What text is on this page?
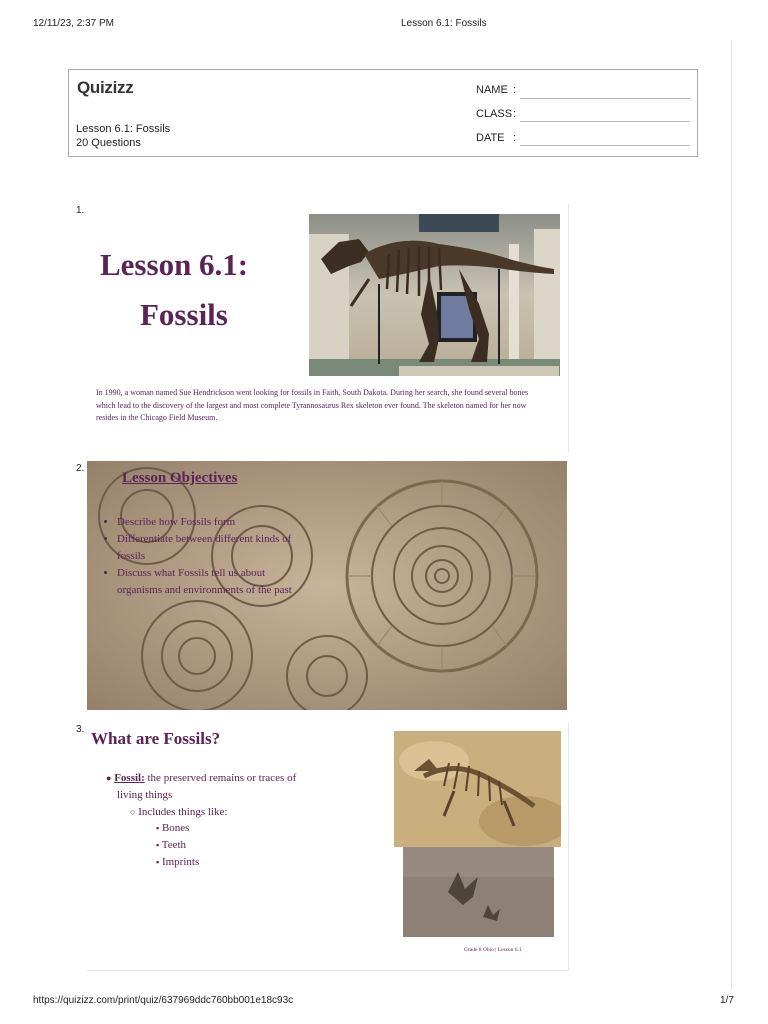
12/11/23, 2:37 PM	Lesson 6.1: Fossils
Quizizz
Lesson 6.1: Fossils
20 Questions
NAME :
CLASS :
DATE :
1.
Lesson 6.1:
Fossils
In 1990, a woman named Sue Hendrickson went looking for fossils in Faith, South Dakota. During her search, she found several bones which lead to the discovery of the largest and most complete Tyrannosaurus Rex skeleton ever found. The skeleton named for her now resides in the Chicago Field Museum.
2.
Lesson Objectives
• Describe how Fossils form
• Differentiate between different kinds of fossils
• Discuss what Fossils tell us about organisms and environments of the past
3. What are Fossils?
● Fossil: the preserved remains or traces of
living things
○ Includes things like:
▪ Bones
▪ Teeth
▪ Imprints
Grade 8 Ohio | Lesson 6.1
https://quizizz.com/print/quiz/637969ddc760bb001e18c93c	1/7
